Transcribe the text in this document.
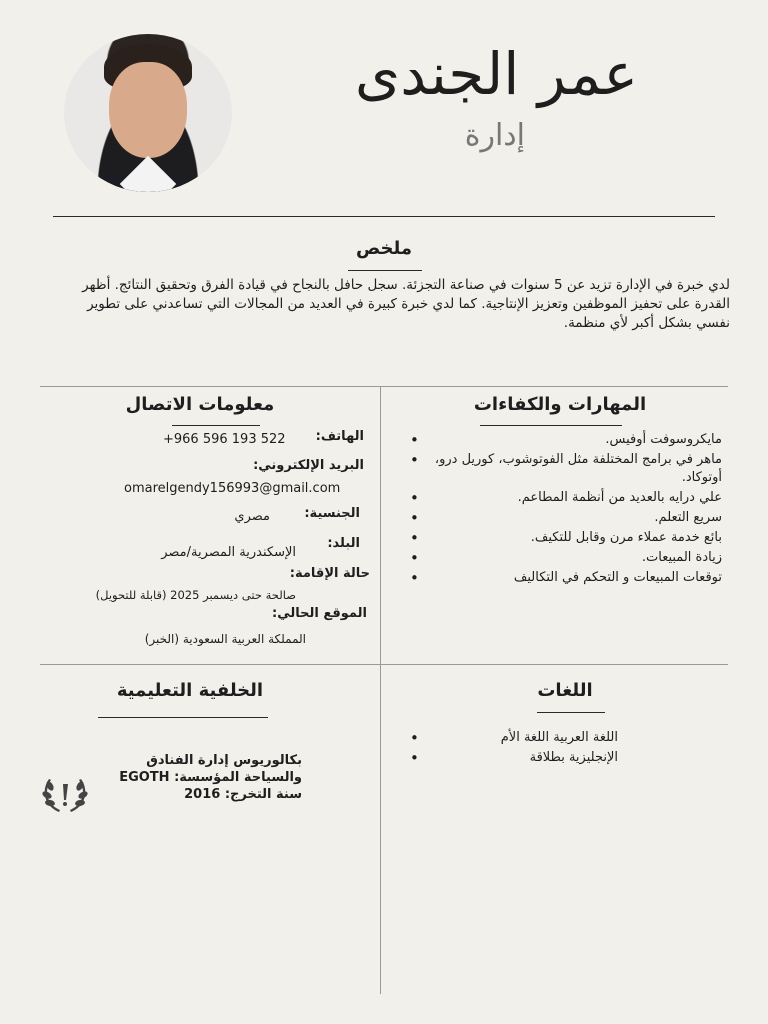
عمر الجندى
إدارة
ملخص
لدي خبرة في الإدارة تزيد عن 5 سنوات في صناعة التجزئة. سجل حافل بالنجاح في قيادة الفرق وتحقيق النتائج. أظهر القدرة على تحفيز الموظفين وتعزيز الإنتاجية. كما لدي خبرة كبيرة في العديد من المجالات التي تساعدني على تطوير نفسي بشكل أكبر لأي منظمة.
المهارات والكفاءات
مايكروسوفت أوفيس. •
ماهر في برامج المختلفة مثل الفوتوشوب، كوريل درو، أوتوكاد. •
علي درايه بالعديد من أنظمة المطاعم. •
سريع التعلم. •
بائع خدمة عملاء مرن وقابل للتكيف. •
زيادة المبيعات. •
توقعات المبيعات و التحكم في التكاليف •
معلومات الاتصال
الهاتف:
+966 596 193 522
البريد الإلكتروني:
omarelgendy156993@gmail.com
الجنسية:
مصري
البلد:
الإسكندرية المصرية/مصر
حالة الإقامة:
صالحة حتى ديسمبر 2025 (قابلة للتحويل)
الموقع الحالي:
المملكة العربية السعودية (الخبر)
اللغات
اللغة العربية اللغة الأم •
الإنجليزية بطلاقة •
الخلفية التعليمية
بكالوريوس إدارة الفنادق
والسياحة المؤسسة: EGOTH
سنة التخرج: 2016
